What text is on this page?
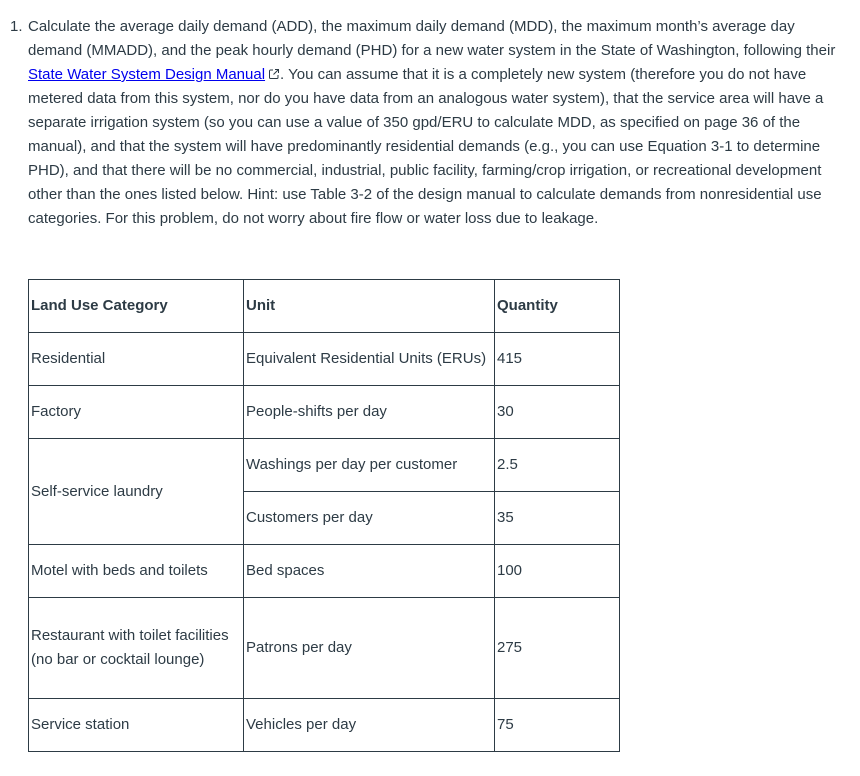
1. Calculate the average daily demand (ADD), the maximum daily demand (MDD), the maximum month’s average day demand (MMADD), and the peak hourly demand (PHD) for a new water system in the State of Washington, following their State Water System Design Manual . You can assume that it is a completely new system (therefore you do not have metered data from this system, nor do you have data from an analogous water system), that the service area will have a separate irrigation system (so you can use a value of 350 gpd/ERU to calculate MDD, as specified on page 36 of the manual), and that the system will have predominantly residential demands (e.g., you can use Equation 3-1 to determine PHD), and that there will be no commercial, industrial, public facility, farming/crop irrigation, or recreational development other than the ones listed below. Hint: use Table 3-2 of the design manual to calculate demands from nonresidential use categories. For this problem, do not worry about fire flow or water loss due to leakage.
Land Use Category	Unit	Quantity
Residential	Equivalent Residential Units (ERUs)	415
Factory	People-shifts per day	30
Self-service laundry	Washings per day per customer	2.5
	Customers per day	35
Motel with beds and toilets	Bed spaces	100
Restaurant with toilet facilities (no bar or cocktail lounge)	Patrons per day	275
Service station	Vehicles per day	75
